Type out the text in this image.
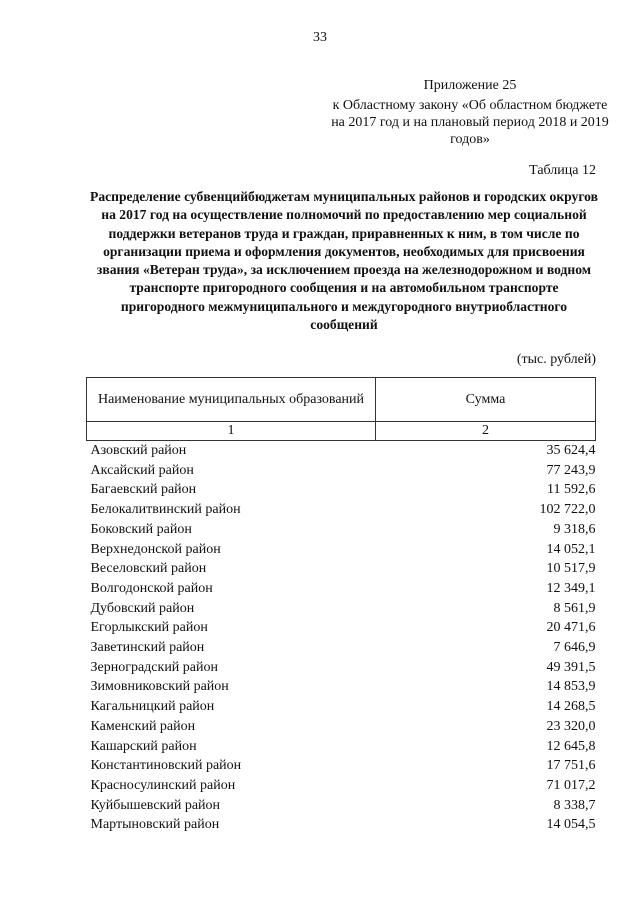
33
Приложение 25
к Областному закону «Об областном бюджете на 2017 год и на плановый период 2018 и 2019 годов»
Таблица 12
Распределение субвенцийбюджетам муниципальных районов и городских округов на 2017 год на осуществление полномочий по предоставлению мер социальной поддержки ветеранов труда и граждан, приравненных к ним, в том числе по организации приема и оформления документов, необходимых для присвоения звания «Ветеран труда», за исключением проезда на железнодорожном и водном транспорте пригородного сообщения и на автомобильном транспорте пригородного межмуниципального и междугородного внутриобластного сообщений
(тыс. рублей)
Наименование муниципальных образований	Сумма
1	2
Азовский район	35 624,4
Аксайский район	77 243,9
Багаевский район	11 592,6
Белокалитвинский район	102 722,0
Боковский район	9 318,6
Верхнедонской район	14 052,1
Веселовский район	10 517,9
Волгодонской район	12 349,1
Дубовский район	8 561,9
Егорлыкский район	20 471,6
Заветинский район	7 646,9
Зерноградский район	49 391,5
Зимовниковский район	14 853,9
Кагальницкий район	14 268,5
Каменский район	23 320,0
Кашарский район	12 645,8
Константиновский район	17 751,6
Красносулинский район	71 017,2
Куйбышевский район	8 338,7
Мартыновский район	14 054,5
